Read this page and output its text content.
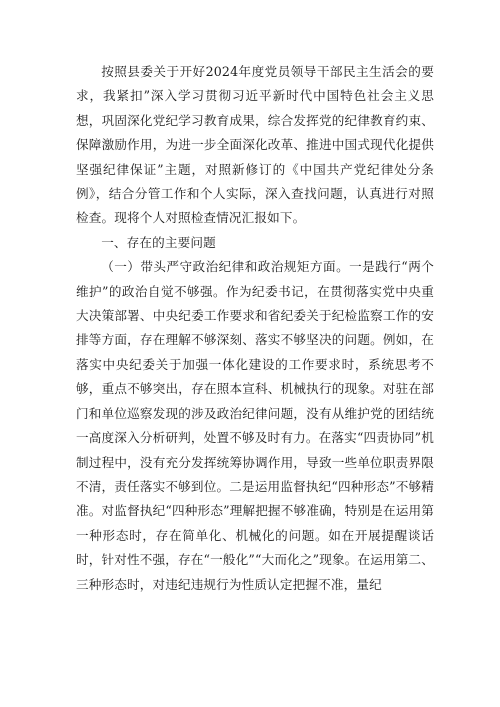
按照县委关于开好2024年度党员领导干部民主生活会的要求，我紧扣”深入学习贯彻习近平新时代中国特色社会主义思想，巩固深化党纪学习教育成果，综合发挥党的纪律教育约束、保障激励作用，为进一步全面深化改革、推进中国式现代化提供坚强纪律保证”主题，对照新修订的《中国共产党纪律处分条例》，结合分管工作和个人实际，深入查找问题，认真进行对照检查。现将个人对照检查情况汇报如下。

一、存在的主要问题

（一）带头严守政治纪律和政治规矩方面。一是践行“两个维护”的政治自觉不够强。作为纪委书记，在贯彻落实党中央重大决策部署、中央纪委工作要求和省纪委关于纪检监察工作的安排等方面，存在理解不够深刻、落实不够坚决的问题。例如，在落实中央纪委关于加强一体化建设的工作要求时，系统思考不够，重点不够突出，存在照本宣科、机械执行的现象。对驻在部门和单位巡察发现的涉及政治纪律问题，没有从维护党的团结统一高度深入分析研判，处置不够及时有力。在落实“四责协同”机制过程中，没有充分发挥统筹协调作用，导致一些单位职责界限不清，责任落实不够到位。二是运用监督执纪“四种形态”不够精准。对监督执纪“四种形态”理解把握不够准确，特别是在运用第一种形态时，存在简单化、机械化的问题。如在开展提醒谈话时，针对性不强，存在“一般化”“大而化之”现象。在运用第二、三种形态时，对违纪违规行为性质认定把握不准，量纪
